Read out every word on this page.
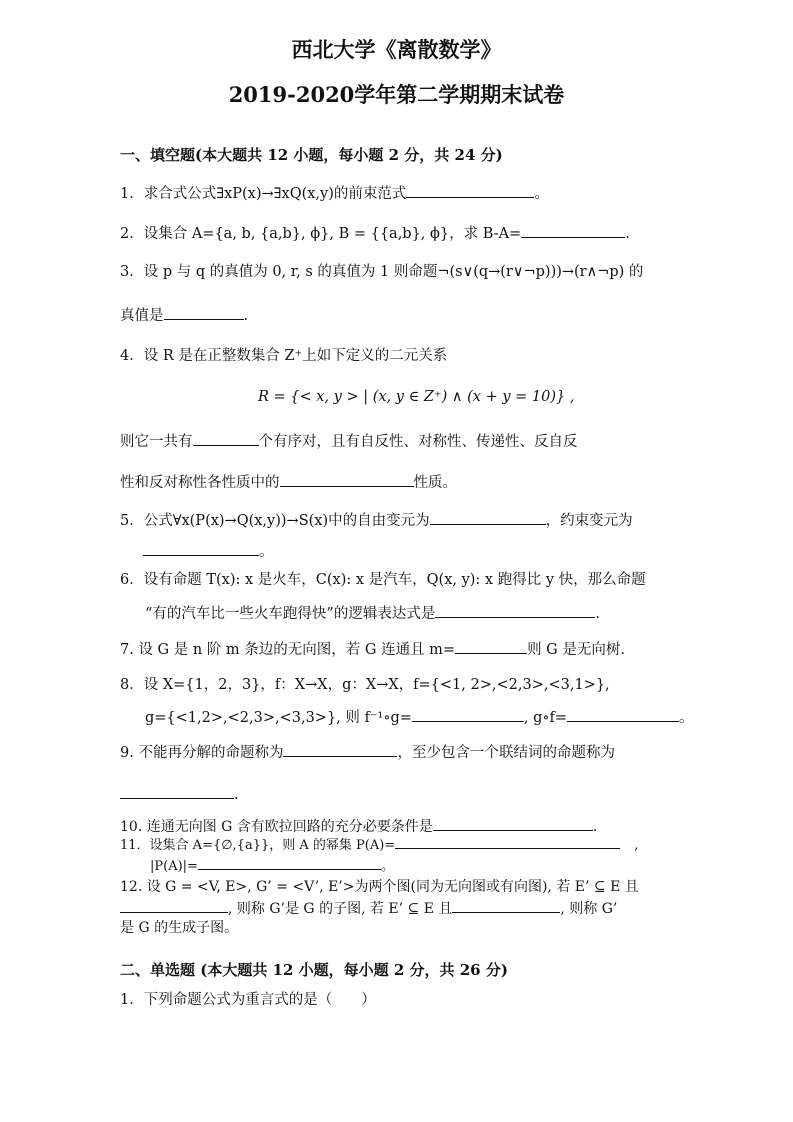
西北大学《离散数学》
2019-2020学年第二学期期末试卷
一、填空题(本大题共 12 小题，每小题 2 分，共 24 分)
1．求合式公式∃xP(x)→∃xQ(x,y)的前束范式	。
2．设集合 A={a, b, {a,b}, ϕ}, B = {{a,b}, ϕ}，求 B-A=	.
3．设 p 与 q 的真值为 0, r, s 的真值为 1 则命题¬(s∨(q→(r∨¬p)))→(r∧¬p) 的
真值是	.
4．设 R 是在正整数集合 Z⁺上如下定义的二元关系
R = {< x, y > | (x, y ∈ Z⁺) ∧ (x + y = 10)} ,
则它一共有	个有序对，且有自反性、对称性、传递性、反自反
性和反对称性各性质中的	性质。
5．公式∀x(P(x)→Q(x,y))→S(x)中的自由变元为	，约束变元为
。
6．设有命题 T(x): x 是火车，C(x): x 是汽车，Q(x, y): x 跑得比 y 快，那么命题
“有的汽车比一些火车跑得快”的逻辑表达式是	.
7. 设 G 是 n 阶 m 条边的无向图，若 G 连通且 m=	则 G 是无向树.
8．设 X={1，2，3}，f：X→X，g：X→X，f={<1, 2>,<2,3>,<3,1>},
g={<1,2>,<2,3>,<3,3>}, 则 f⁻¹∘g=	, g∘f=	。
9. 不能再分解的命题称为	，至少包含一个联结词的命题称为
.
10. 连通无向图 G 含有欧拉回路的充分必要条件是	.
11．设集合 A={∅,{a}}，则 A 的幂集 P(A)=	,
|P(A)|=	。
12. 设 G = <V, E>, G’ = <V’, E’>为两个图(同为无向图或有向图), 若 E’ ⊆ E 且
, 则称 G’是 G 的子图, 若 E’ ⊆ E 且	, 则称 G’
是 G 的生成子图。
二、单选题 (本大题共 12 小题，每小题 2 分，共 26 分)
1．下列命题公式为重言式的是（　　）
